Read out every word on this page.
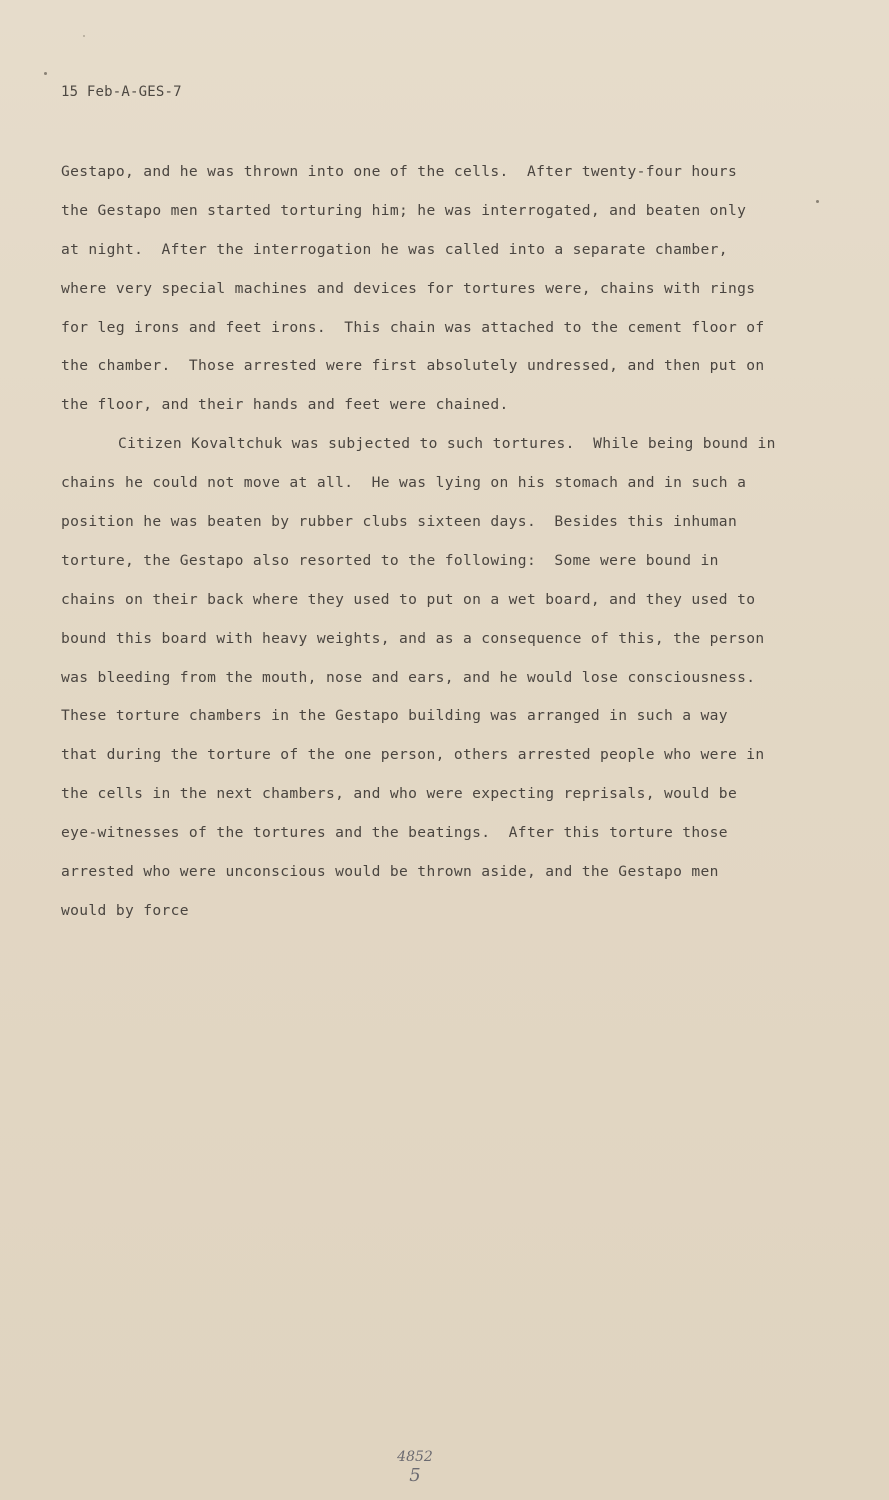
15 Feb-A-GES-7
Gestapo, and he was thrown into one of the cells.  After twenty-four hours
the Gestapo men started torturing him; he was interrogated, and beaten only
at night.  After the interrogation he was called into a separate chamber,
where very special machines and devices for tortures were, chains with rings
for leg irons and feet irons.  This chain was attached to the cement floor of
the chamber.  Those arrested were first absolutely undressed, and then put on
the floor, and their hands and feet were chained.
Citizen Kovaltchuk was subjected to such tortures.  While being bound in
chains he could not move at all.  He was lying on his stomach and in such a
position he was beaten by rubber clubs sixteen days.  Besides this inhuman
torture, the Gestapo also resorted to the following:  Some were bound in
chains on their back where they used to put on a wet board, and they used to
bound this board with heavy weights, and as a consequence of this, the person
was bleeding from the mouth, nose and ears, and he would lose consciousness.
These torture chambers in the Gestapo building was arranged in such a way
that during the torture of the one person, others arrested people who were in
the cells in the next chambers, and who were expecting reprisals, would be
eye-witnesses of the tortures and the beatings.  After this torture those
arrested who were unconscious would be thrown aside, and the Gestapo men
would by force
4852
5
